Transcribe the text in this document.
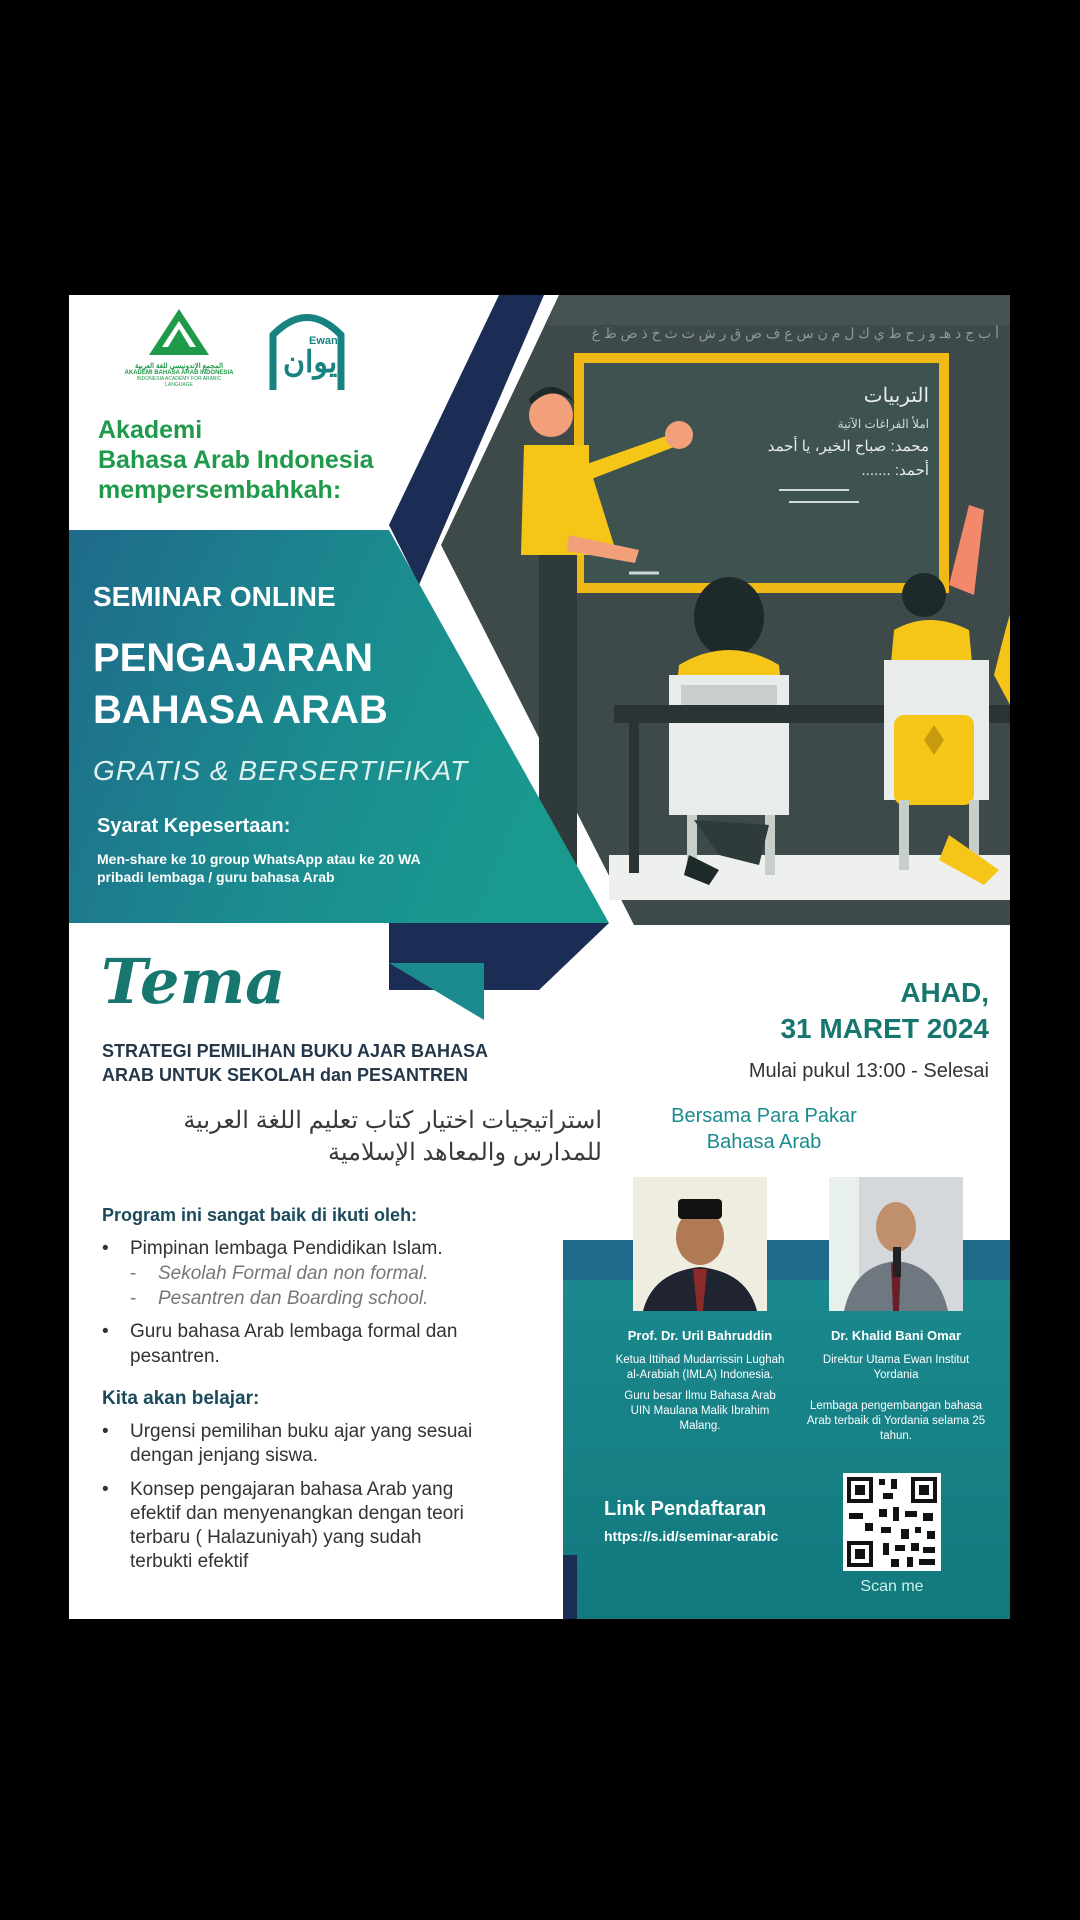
أ ب ج د هـ و ز ح ط ي ك ل م ن س ع ف ص ق ر ش ت ث خ ذ ض ظ غ
التربيات
املأ الفراغات الآتية
محمد: صباح الخير، يا أحمد
أحمد: .......
المجمع الإندونيسي للغة العربية
AKADEMI BAHASA ARAB INDONESIA
INDONESIA ACADEMY FOR ARABIC LANGUAGE
Ewan
إيوان
Akademi
Bahasa Arab Indonesia
mempersembahkah:
SEMINAR ONLINE
PENGAJARAN
BAHASA ARAB
GRATIS & BERSERTIFIKAT
Syarat Kepesertaan:
Men-share ke 10 group WhatsApp atau ke 20 WA
pribadi lembaga / guru bahasa Arab
Tema
STRATEGI PEMILIHAN BUKU AJAR BAHASA
ARAB UNTUK SEKOLAH dan PESANTREN
استراتيجيات اختيار كتاب تعليم اللغة العربية
للمدارس والمعاهد الإسلامية
Program ini sangat baik di ikuti oleh:
• Pimpinan lembaga Pendidikan Islam.
- Sekolah Formal dan non formal.
- Pesantren dan Boarding school.
• Guru bahasa Arab lembaga formal dan
pesantren.
Kita akan belajar:
• Urgensi pemilihan buku ajar yang sesuai
dengan jenjang siswa.
• Konsep pengajaran bahasa Arab yang
efektif dan menyenangkan dengan teori
terbaru ( Halazuniyah) yang sudah
terbukti efektif
AHAD,
31 MARET 2024
Mulai pukul 13:00 - Selesai
Bersama Para Pakar
Bahasa Arab
Prof. Dr. Uril Bahruddin
Ketua Ittihad Mudarrissin Lughah al-Arabiah (IMLA) Indonesia.
Guru besar Ilmu Bahasa Arab UIN Maulana Malik Ibrahim Malang.
Dr. Khalid Bani Omar
Direktur Utama Ewan Institut Yordania
Lembaga pengembangan bahasa Arab terbaik di Yordania selama 25 tahun.
Link Pendaftaran
https://s.id/seminar-arabic
Scan me
